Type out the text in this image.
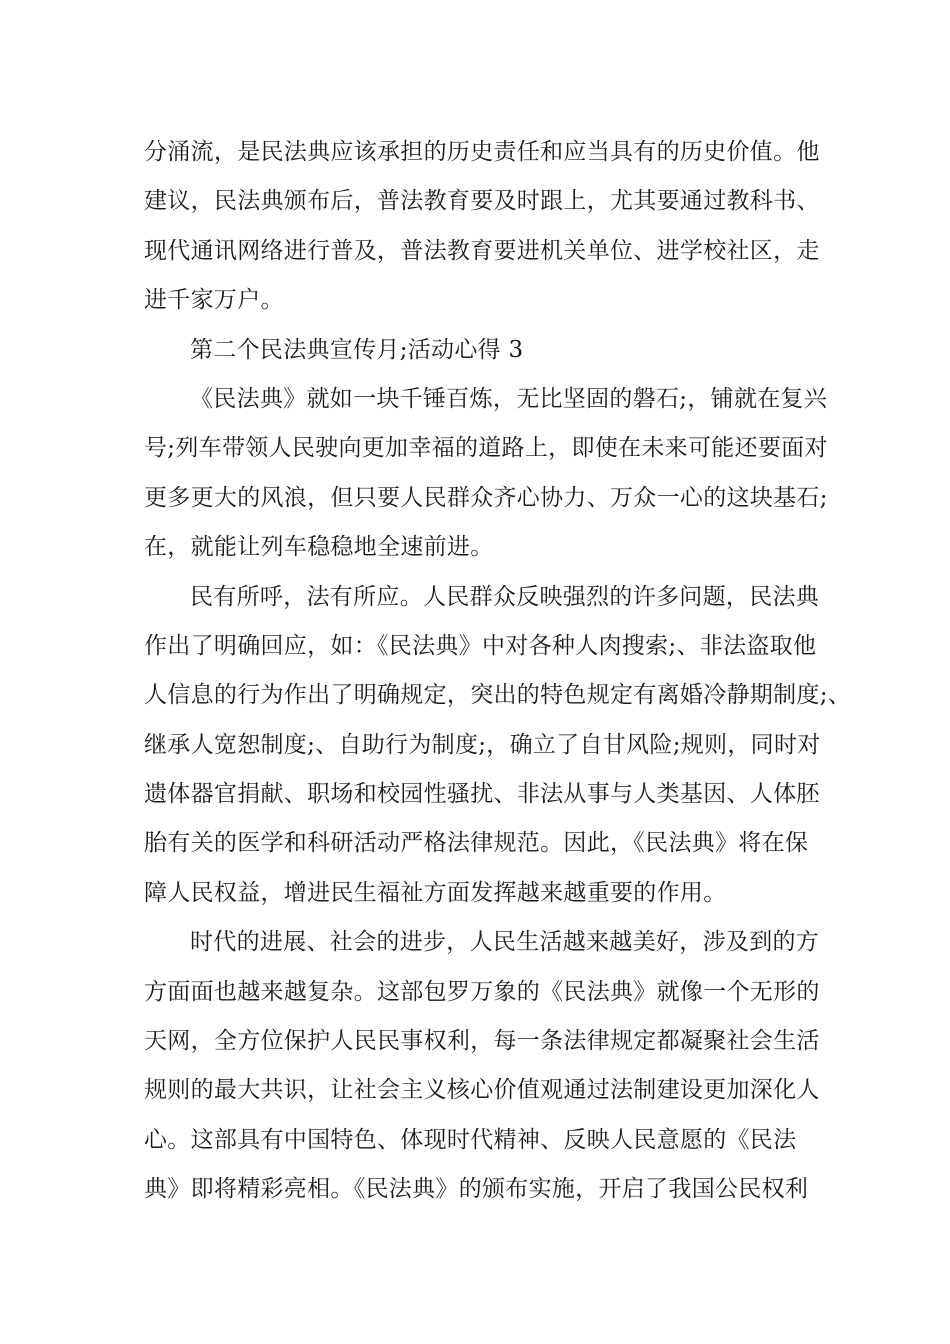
分涌流，是民法典应该承担的历史责任和应当具有的历史价值。他
建议，民法典颁布后，普法教育要及时跟上，尤其要通过教科书、
现代通讯网络进行普及，普法教育要进机关单位、进学校社区，走
进千家万户。
第二个民法典宣传月;活动心得 3
《民法典》就如一块千锤百炼，无比坚固的磐石;，铺就在复兴
号;列车带领人民驶向更加幸福的道路上，即使在未来可能还要面对
更多更大的风浪，但只要人民群众齐心协力、万众一心的这块基石;
在，就能让列车稳稳地全速前进。
民有所呼，法有所应。人民群众反映强烈的许多问题，民法典
作出了明确回应，如：《民法典》中对各种人肉搜索;、非法盗取他
人信息的行为作出了明确规定，突出的特色规定有离婚冷静期制度;、
继承人宽恕制度;、自助行为制度;，确立了自甘风险;规则，同时对
遗体器官捐献、职场和校园性骚扰、非法从事与人类基因、人体胚
胎有关的医学和科研活动严格法律规范。因此，《民法典》将在保
障人民权益，增进民生福祉方面发挥越来越重要的作用。
时代的进展、社会的进步，人民生活越来越美好，涉及到的方
方面面也越来越复杂。这部包罗万象的《民法典》就像一个无形的
天网，全方位保护人民民事权利，每一条法律规定都凝聚社会生活
规则的最大共识，让社会主义核心价值观通过法制建设更加深化人
心。这部具有中国特色、体现时代精神、反映人民意愿的《民法
典》即将精彩亮相。《民法典》的颁布实施，开启了我国公民权利
